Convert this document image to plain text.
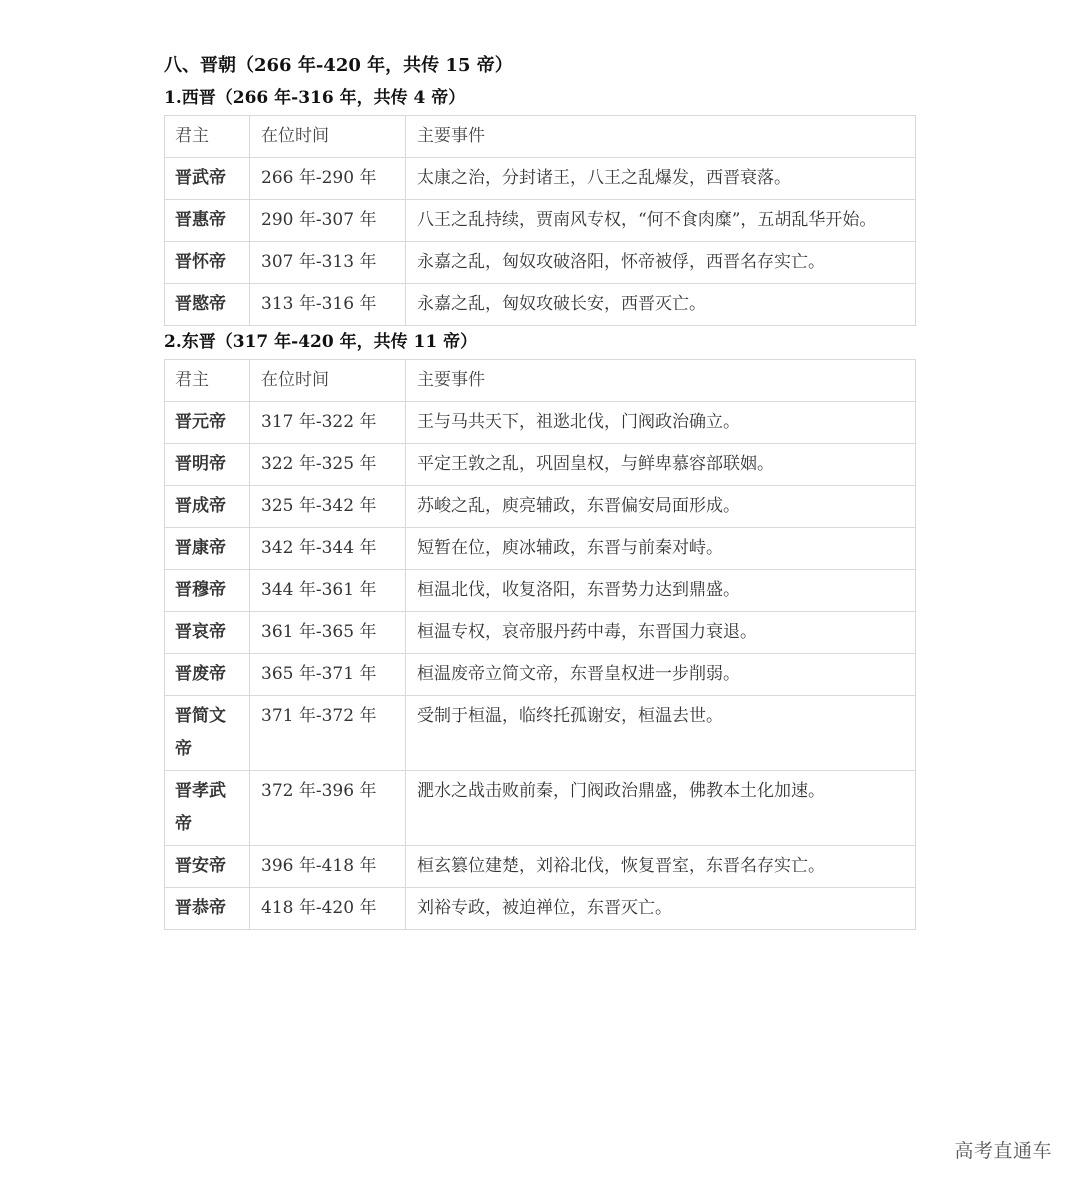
八、晋朝（266 年-420 年，共传 15 帝）
1.西晋（266 年-316 年，共传 4 帝）
君主	在位时间	主要事件
晋武帝	266 年-290 年	太康之治，分封诸王，八王之乱爆发，西晋衰落。
晋惠帝	290 年-307 年	八王之乱持续，贾南风专权，“何不食肉糜”，五胡乱华开始。
晋怀帝	307 年-313 年	永嘉之乱，匈奴攻破洛阳，怀帝被俘，西晋名存实亡。
晋愍帝	313 年-316 年	永嘉之乱，匈奴攻破长安，西晋灭亡。
2.东晋（317 年-420 年，共传 11 帝）
君主	在位时间	主要事件
晋元帝	317 年-322 年	王与马共天下，祖逖北伐，门阀政治确立。
晋明帝	322 年-325 年	平定王敦之乱，巩固皇权，与鲜卑慕容部联姻。
晋成帝	325 年-342 年	苏峻之乱，庾亮辅政，东晋偏安局面形成。
晋康帝	342 年-344 年	短暂在位，庾冰辅政，东晋与前秦对峙。
晋穆帝	344 年-361 年	桓温北伐，收复洛阳，东晋势力达到鼎盛。
晋哀帝	361 年-365 年	桓温专权，哀帝服丹药中毒，东晋国力衰退。
晋废帝	365 年-371 年	桓温废帝立简文帝，东晋皇权进一步削弱。
晋简文帝	371 年-372 年	受制于桓温，临终托孤谢安，桓温去世。
晋孝武帝	372 年-396 年	淝水之战击败前秦，门阀政治鼎盛，佛教本土化加速。
晋安帝	396 年-418 年	桓玄篡位建楚，刘裕北伐，恢复晋室，东晋名存实亡。
晋恭帝	418 年-420 年	刘裕专政，被迫禅位，东晋灭亡。
高考直通车
